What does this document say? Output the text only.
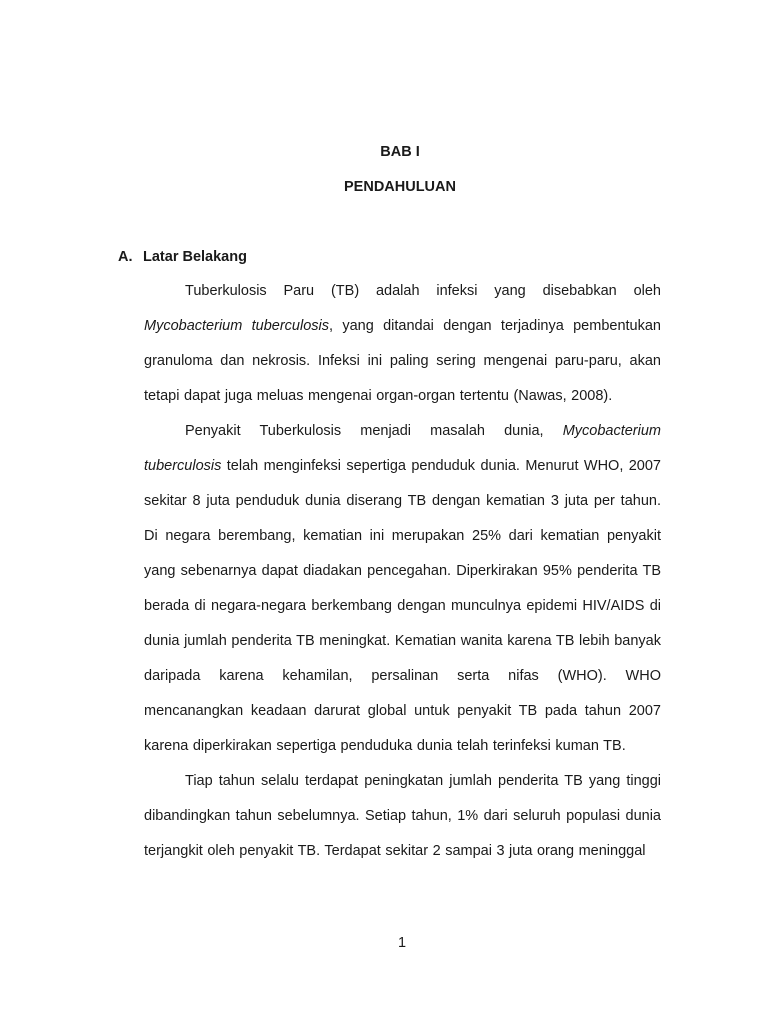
BAB I
PENDAHULUAN
A. Latar Belakang

Tuberkulosis Paru (TB) adalah infeksi yang disebabkan oleh Mycobacterium tuberculosis, yang ditandai dengan terjadinya pembentukan granuloma dan nekrosis. Infeksi ini paling sering mengenai paru-paru, akan tetapi dapat juga meluas mengenai organ-organ tertentu (Nawas, 2008).

Penyakit Tuberkulosis menjadi masalah dunia, Mycobacterium tuberculosis telah menginfeksi sepertiga penduduk dunia. Menurut WHO, 2007 sekitar 8 juta penduduk dunia diserang TB dengan kematian 3 juta per tahun. Di negara berembang, kematian ini merupakan 25% dari kematian penyakit yang sebenarnya dapat diadakan pencegahan. Diperkirakan 95% penderita TB berada di negara-negara berkembang dengan munculnya epidemi HIV/AIDS di dunia jumlah penderita TB meningkat. Kematian wanita karena TB lebih banyak daripada karena kehamilan, persalinan serta nifas (WHO). WHO mencanangkan keadaan darurat global untuk penyakit TB pada tahun 2007 karena diperkirakan sepertiga penduduka dunia telah terinfeksi kuman TB.

Tiap tahun selalu terdapat peningkatan jumlah penderita TB yang tinggi dibandingkan tahun sebelumnya. Setiap tahun, 1% dari seluruh populasi dunia terjangkit oleh penyakit TB. Terdapat sekitar 2 sampai 3 juta orang meninggal

1
